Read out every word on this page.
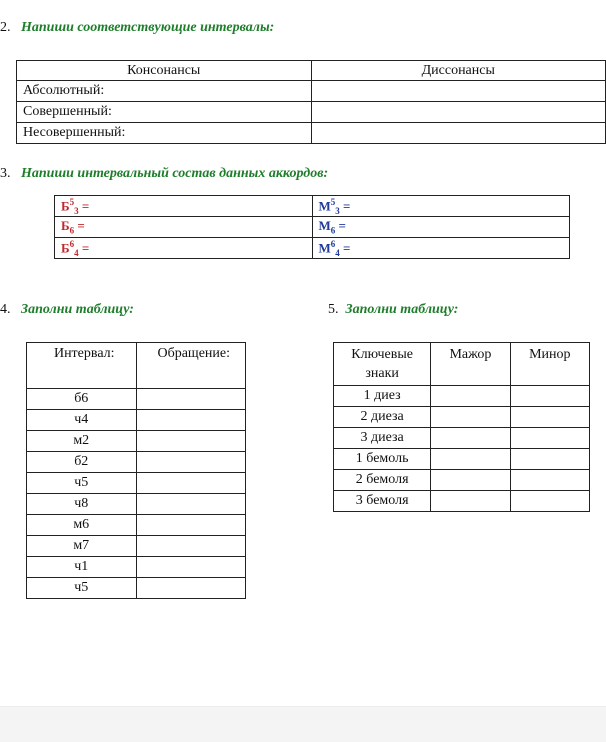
2. Напиши соответствующие интервалы:
Консонансы	Диссонансы
Абсолютный:	
Совершенный:	
Несовершенный:	
3. Напиши интервальный состав данных аккордов:
$Б^5_3$ =	$М^5_3$ =
$Б_6$ =	$М_6$ =
$Б^6_4$ =	$М^6_4$ =
4. Заполни таблицу:
Интервал:	Обращение:
б6	
ч4	
м2	
б2	
ч5	
ч8	
м6	
м7	
ч1	
ч5	
5. Заполни таблицу:
Ключевые
знаки	Мажор	Минор
1 диез		
2 диеза		
3 диеза		
1 бемоль		
2 бемоля		
3 бемоля		
